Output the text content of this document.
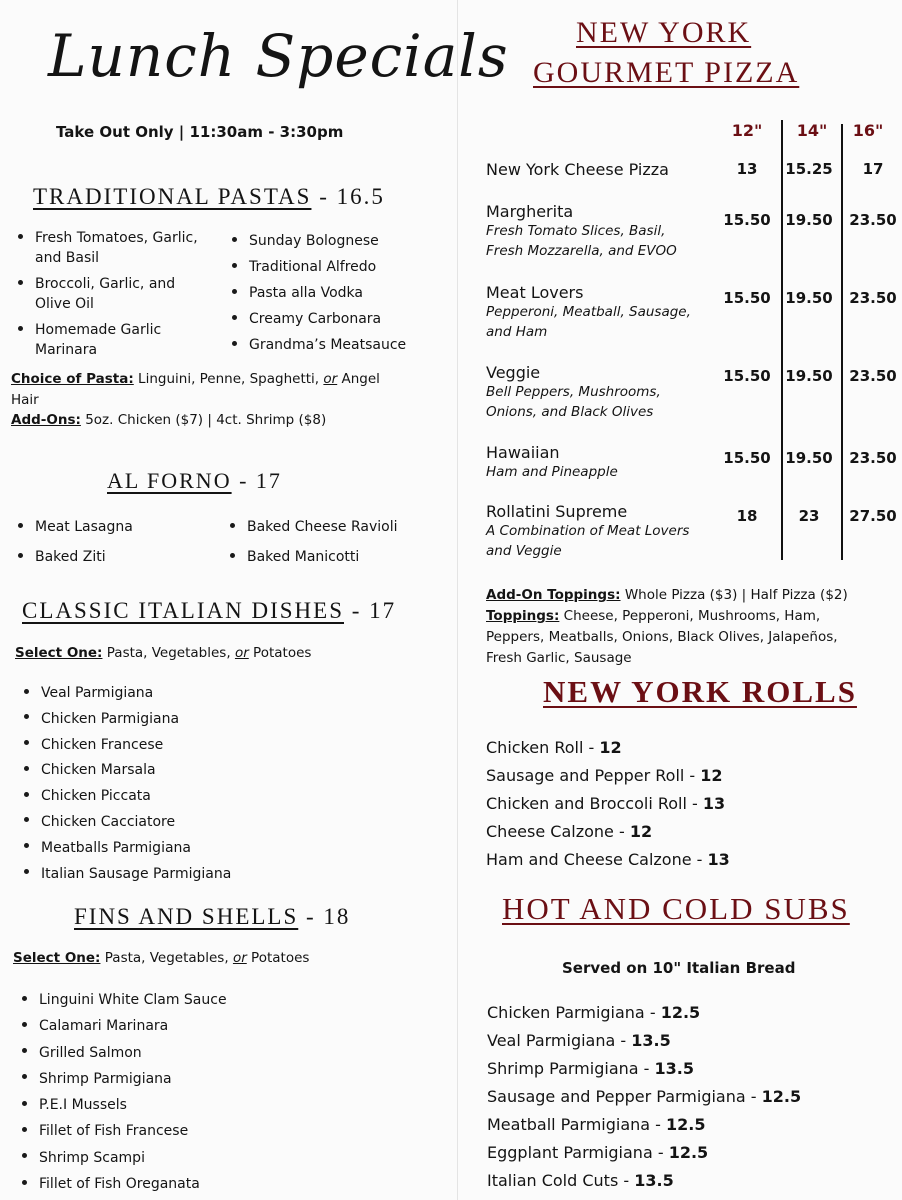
Lunch Specials
Take Out Only | 11:30am - 3:30pm
TRADITIONAL PASTAS - 16.5
Fresh Tomatoes, Garlic,
and Basil
Broccoli, Garlic, and
Olive Oil
Homemade Garlic
Marinara
Sunday Bolognese
Traditional Alfredo
Pasta alla Vodka
Creamy Carbonara
Grandma’s Meatsauce
Choice of Pasta: Linguini, Penne, Spaghetti, or Angel
Hair
Add-Ons: 5oz. Chicken ($7) | 4ct. Shrimp ($8)
AL FORNO - 17
Meat Lasagna
Baked Ziti
Baked Cheese Ravioli
Baked Manicotti
CLASSIC ITALIAN DISHES - 17
Select One: Pasta, Vegetables, or Potatoes
Veal Parmigiana
Chicken Parmigiana
Chicken Francese
Chicken Marsala
Chicken Piccata
Chicken Cacciatore
Meatballs Parmigiana
Italian Sausage Parmigiana
FINS AND SHELLS - 18
Select One: Pasta, Vegetables, or Potatoes
Linguini White Clam Sauce
Calamari Marinara
Grilled Salmon
Shrimp Parmigiana
P.E.I Mussels
Fillet of Fish Francese
Shrimp Scampi
Fillet of Fish Oreganata
NEW YORK
GOURMET PIZZA
12"	14"	16"
New York Cheese Pizza	13	15.25	17
Margherita
Fresh Tomato Slices, Basil,
Fresh Mozzarella, and EVOO
15.50 19.50	23.50
Meat Lovers
Pepperoni, Meatball, Sausage,
and Ham
15.50 19.50	23.50
Veggie
Bell Peppers, Mushrooms,
Onions, and Black Olives
15.50 19.50	23.50
Hawaiian
Ham and Pineapple
15.50 19.50	23.50
Rollatini Supreme
A Combination of Meat Lovers
and Veggie
18	23	27.50
Add-On Toppings: Whole Pizza ($3) | Half Pizza ($2)
Toppings: Cheese, Pepperoni, Mushrooms, Ham,
Peppers, Meatballs, Onions, Black Olives, Jalapeños,
Fresh Garlic, Sausage
NEW YORK ROLLS
Chicken Roll - 12
Sausage and Pepper Roll - 12
Chicken and Broccoli Roll - 13
Cheese Calzone - 12
Ham and Cheese Calzone - 13
HOT AND COLD SUBS
Served on 10" Italian Bread
Chicken Parmigiana - 12.5
Veal Parmigiana - 13.5
Shrimp Parmigiana - 13.5
Sausage and Pepper Parmigiana - 12.5
Meatball Parmigiana - 12.5
Eggplant Parmigiana - 12.5
Italian Cold Cuts - 13.5
